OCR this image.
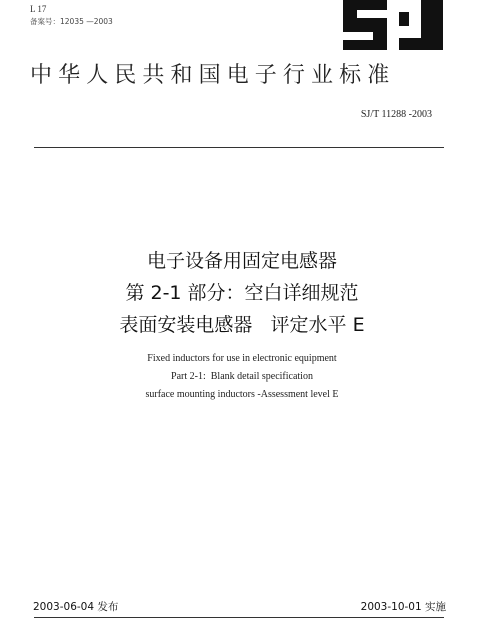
L 17
备案号：12035 —2003
中华人民共和国电子行业标准
SJ/T 11288 -2003
电子设备用固定电感器
第 2-1 部分：空白详细规范
表面安装电感器   评定水平 E
Fixed inductors for use in electronic equipment
Part 2-1:  Blank detail specification
surface mounting inductors -Assessment level E
2003-06-04 发布	2003-10-01 实施
